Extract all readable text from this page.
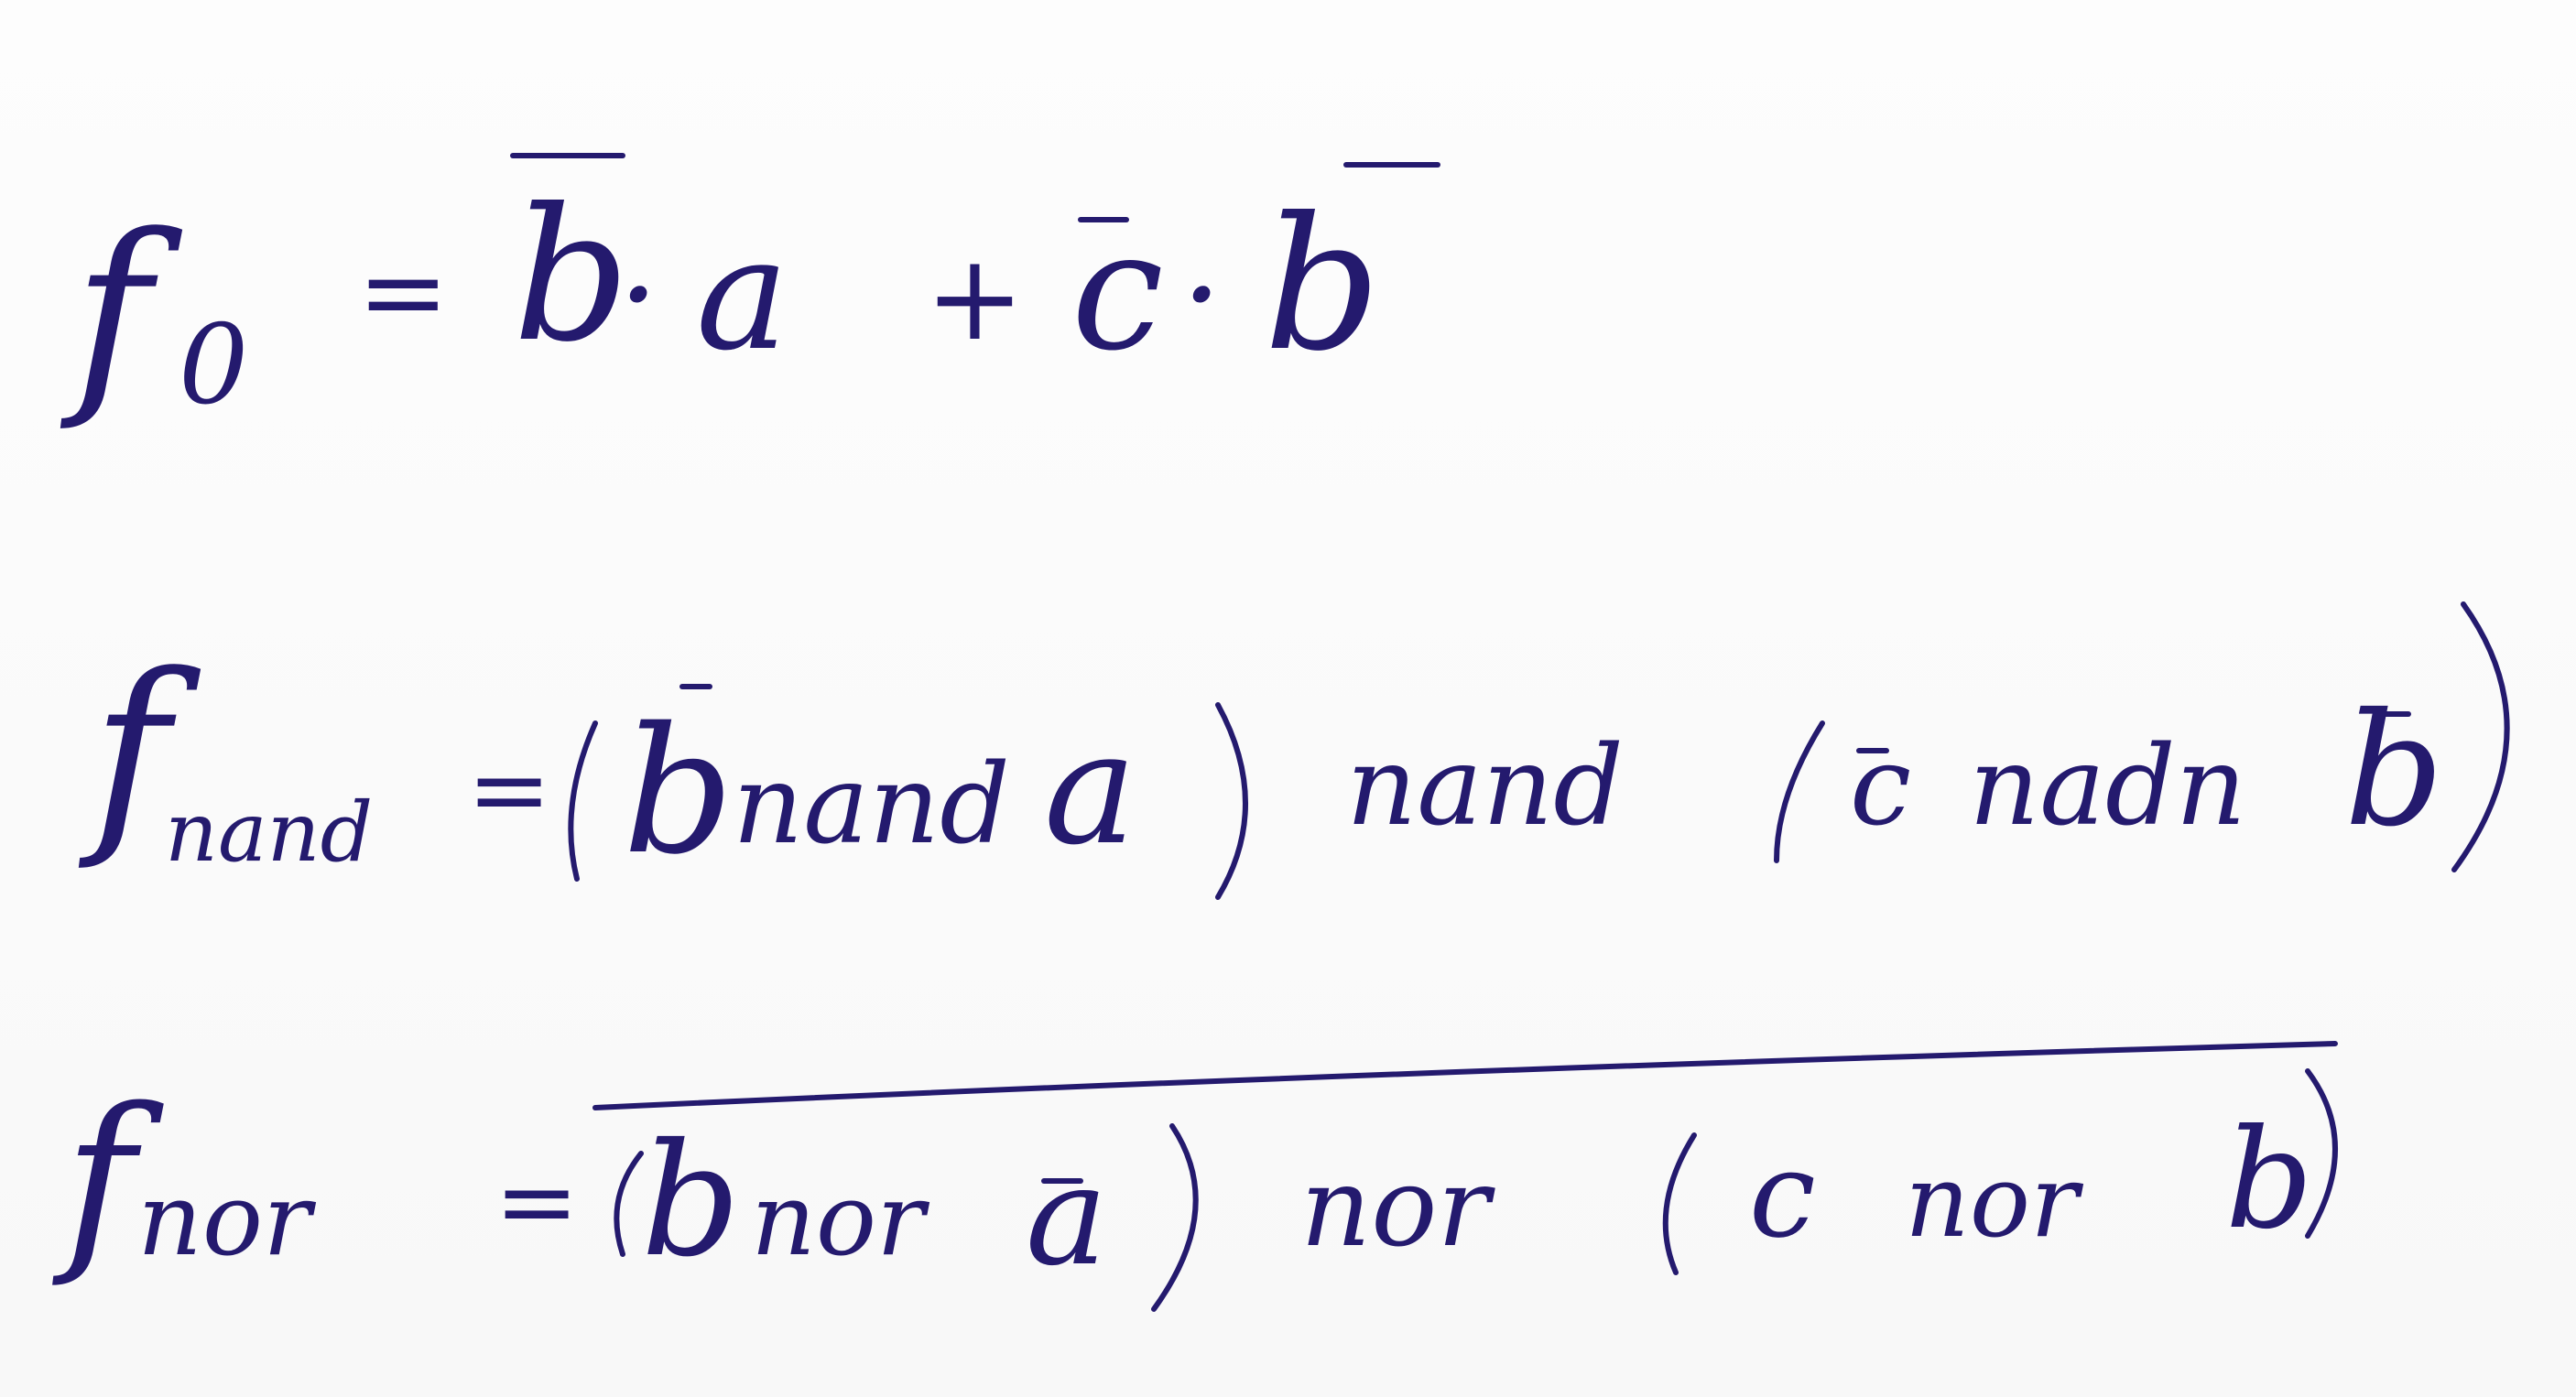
f 0
= b
· a + c · b
f
nand = b
nand a nand c nadn b
f nor = b nor a nor c nor b
